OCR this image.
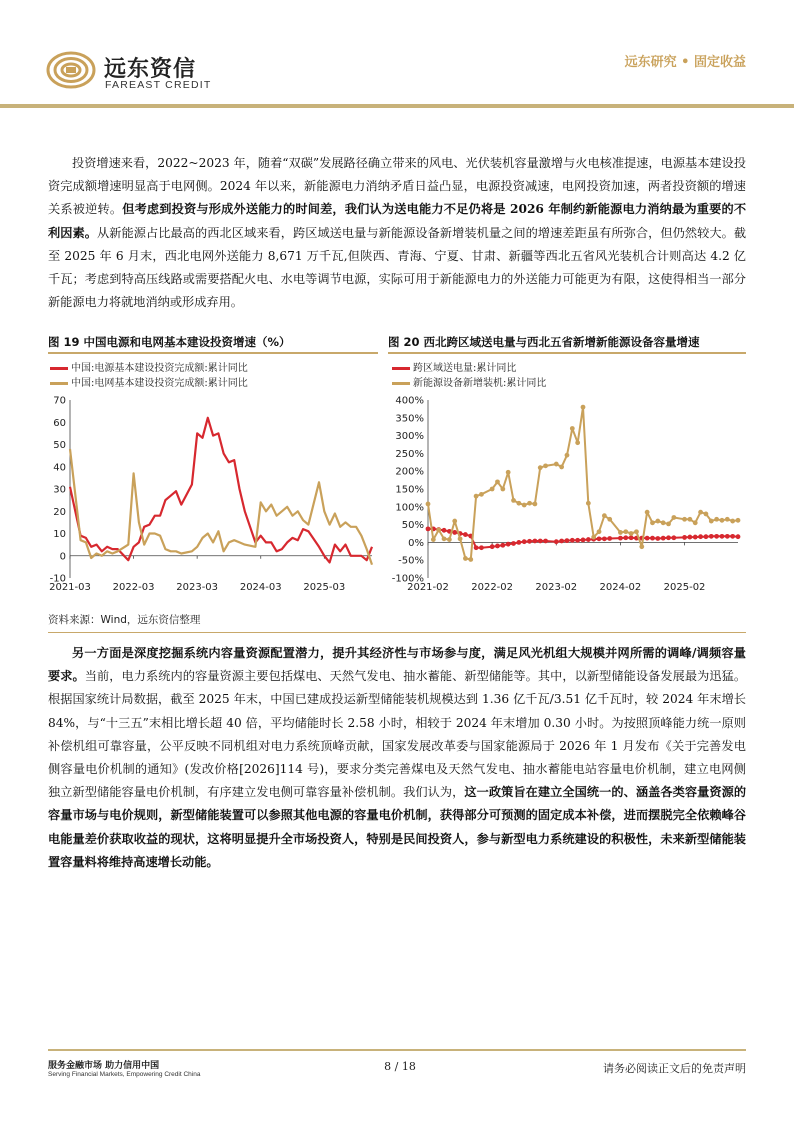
远东资信
FAREAST CREDIT
远东研究 • 固定收益

投资增速来看，2022~2023 年，随着“双碳”发展路径确立带来的风电、光伏装机容量激增与火电核准提速，电源基本建设投资完成额增速明显高于电网侧。2024 年以来，新能源电力消纳矛盾日益凸显，电源投资减速，电网投资加速，两者投资额的增速关系被逆转。但考虑到投资与形成外送能力的时间差，我们认为送电能力不足仍将是 2026 年制约新能源电力消纳最为重要的不利因素。从新能源占比最高的西北区域来看，跨区域送电量与新能源设备新增装机量之间的增速差距虽有所弥合，但仍然较大。截至 2025 年 6 月末，西北电网外送能力 8,671 万千瓦,但陕西、青海、宁夏、甘肃、新疆等西北五省风光装机合计则高达 4.2 亿千瓦；考虑到特高压线路或需要搭配火电、水电等调节电源，实际可用于新能源电力的外送能力可能更为有限，这使得相当一部分新能源电力将就地消纳或形成弃用。

图 19 中国电源和电网基本建设投资增速（%）	图 20 西北跨区域送电量与西北五省新增新能源设备容量增速
中国:电源基本建设投资完成额:累计同比
中国:电网基本建设投资完成额:累计同比
跨区域送电量:累计同比
新能源设备新增装机:累计同比
-10
0
10
20
30
40
50
60
70
2021-03 2022-03 2023-03 2024-03 2025-03
-100%
-50%
0%
50%
100%
150%
200%
250%
300%
350%
400%
2021-02 2022-02 2023-02 2024-02 2025-02
资料来源：Wind，远东资信整理

另一方面是深度挖掘系统内容量资源配置潜力，提升其经济性与市场参与度，满足风光机组大规模并网所需的调峰/调频容量要求。当前，电力系统内的容量资源主要包括煤电、天然气发电、抽水蓄能、新型储能等。其中，以新型储能设备发展最为迅猛。根据国家统计局数据，截至 2025 年末，中国已建成投运新型储能装机规模达到 1.36 亿千瓦/3.51 亿千瓦时，较 2024 年末增长 84%，与“十三五”末相比增长超 40 倍，平均储能时长 2.58 小时，相较于 2024 年末增加 0.30 小时。为按照顶峰能力统一原则补偿机组可靠容量，公平反映不同机组对电力系统顶峰贡献，国家发展改革委与国家能源局于 2026 年 1 月发布《关于完善发电侧容量电价机制的通知》(发改价格[2026]114 号)，要求分类完善煤电及天然气发电、抽水蓄能电站容量电价机制，建立电网侧独立新型储能容量电价机制，有序建立发电侧可靠容量补偿机制。我们认为，这一政策旨在建立全国统一的、涵盖各类容量资源的容量市场与电价规则，新型储能装置可以参照其他电源的容量电价机制，获得部分可预测的固定成本补偿，进而摆脱完全依赖峰谷电能量差价获取收益的现状，这将明显提升全市场投资人，特别是民间投资人，参与新型电力系统建设的积极性，未来新型储能装置容量料将维持高速增长动能。

服务金融市场 助力信用中国
Serving Financial Markets, Empowering Credit China
8 / 18	请务必阅读正文后的免责声明
